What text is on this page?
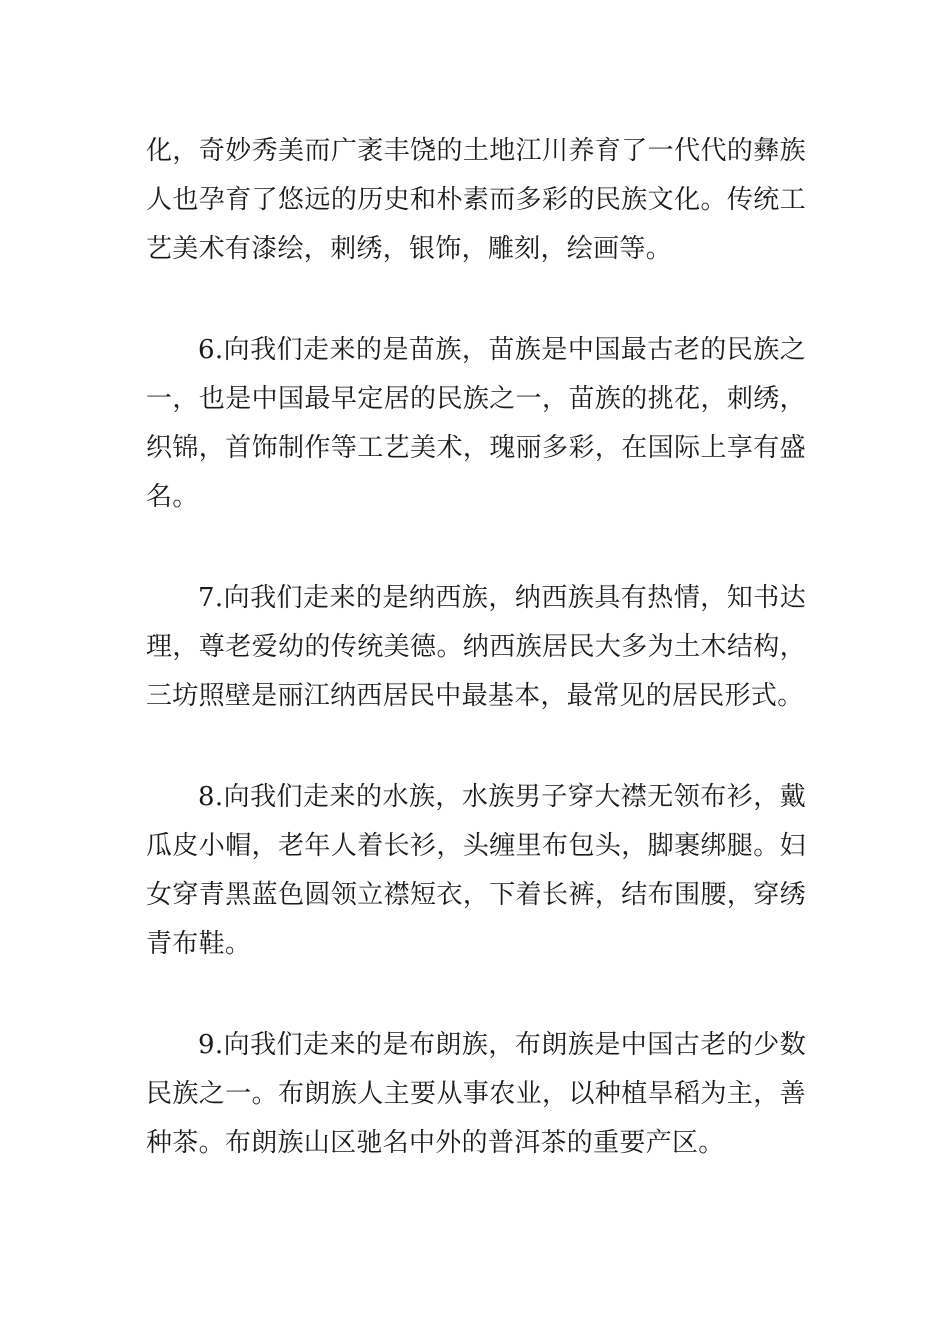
化，奇妙秀美而广袤丰饶的土地江川养育了一代代的彝族人也孕育了悠远的历史和朴素而多彩的民族文化。传统工艺美术有漆绘，刺绣，银饰，雕刻，绘画等。

6.向我们走来的是苗族，苗族是中国最古老的民族之一，也是中国最早定居的民族之一，苗族的挑花，刺绣，织锦，首饰制作等工艺美术，瑰丽多彩，在国际上享有盛名。

7.向我们走来的是纳西族，纳西族具有热情，知书达理，尊老爱幼的传统美德。纳西族居民大多为土木结构，三坊照壁是丽江纳西居民中最基本，最常见的居民形式。

8.向我们走来的水族，水族男子穿大襟无领布衫，戴瓜皮小帽，老年人着长衫，头缠里布包头，脚裹绑腿。妇女穿青黑蓝色圆领立襟短衣，下着长裤，结布围腰，穿绣青布鞋。

9.向我们走来的是布朗族，布朗族是中国古老的少数民族之一。布朗族人主要从事农业，以种植旱稻为主，善种茶。布朗族山区驰名中外的普洱茶的重要产区。
